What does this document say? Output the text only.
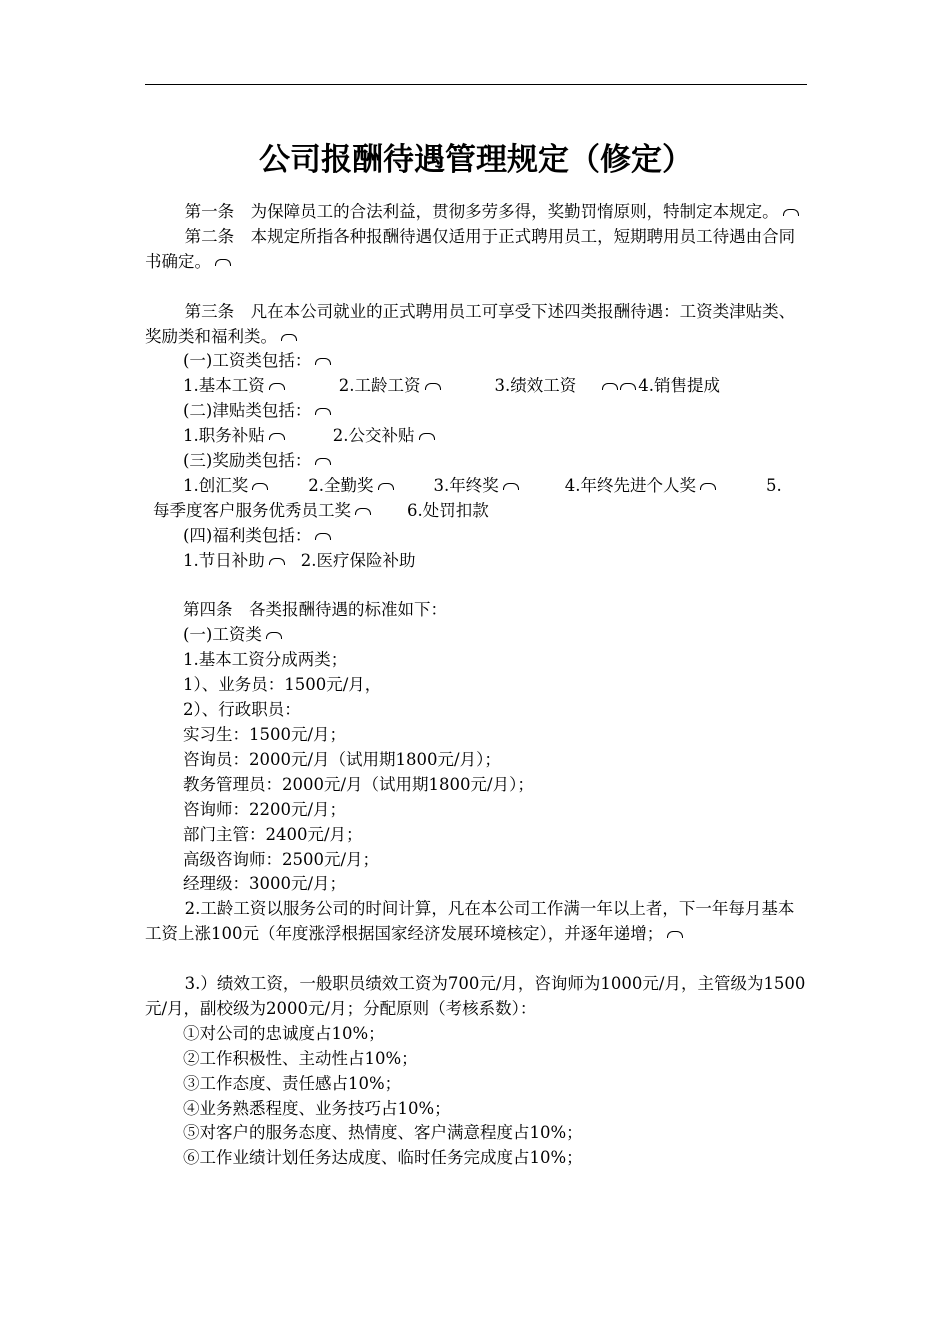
公司报酬待遇管理规定（修定）
第一条　为保障员工的合法利益，贯彻多劳多得，奖勤罚惰原则，特制定本规定。
第二条　本规定所指各种报酬待遇仅适用于正式聘用员工，短期聘用员工待遇由合同书确定。
第三条　凡在本公司就业的正式聘用员工可享受下述四类报酬待遇：工资类津贴类、奖励类和福利类。
(一)工资类包括：
1.基本工资	2.工龄工资	3.绩效工资	4.销售提成
(二)津贴类包括：
1.职务补贴	2.公交补贴
(三)奖励类包括：
1.创汇奖	2.全勤奖	3.年终奖	4.年终先进个人奖	5.
每季度客户服务优秀员工奖	6.处罚扣款
(四)福利类包括：
1.节日补助 2.医疗保险补助
第四条　各类报酬待遇的标准如下：
(一)工资类
1.基本工资分成两类；
1）、业务员：1500元/月，
2）、行政职员：
实习生：1500元/月；
咨询员：2000元/月（试用期1800元/月）；
教务管理员：2000元/月（试用期1800元/月）；
咨询师：2200元/月；
部门主管：2400元/月；
高级咨询师：2500元/月；
经理级：3000元/月；
2.工龄工资以服务公司的时间计算，凡在本公司工作满一年以上者，下一年每月基本工资上涨100元（年度涨浮根据国家经济发展环境核定），并逐年递增；
3.）绩效工资，一般职员绩效工资为700元/月，咨询师为1000元/月，主管级为1500元/月，副校级为2000元/月；分配原则（考核系数）：
①对公司的忠诚度占10%；
②工作积极性、主动性占10%；
③工作态度、责任感占10%；
④业务熟悉程度、业务技巧占10%；
⑤对客户的服务态度、热情度、客户满意程度占10%；
⑥工作业绩计划任务达成度、临时任务完成度占10%；
